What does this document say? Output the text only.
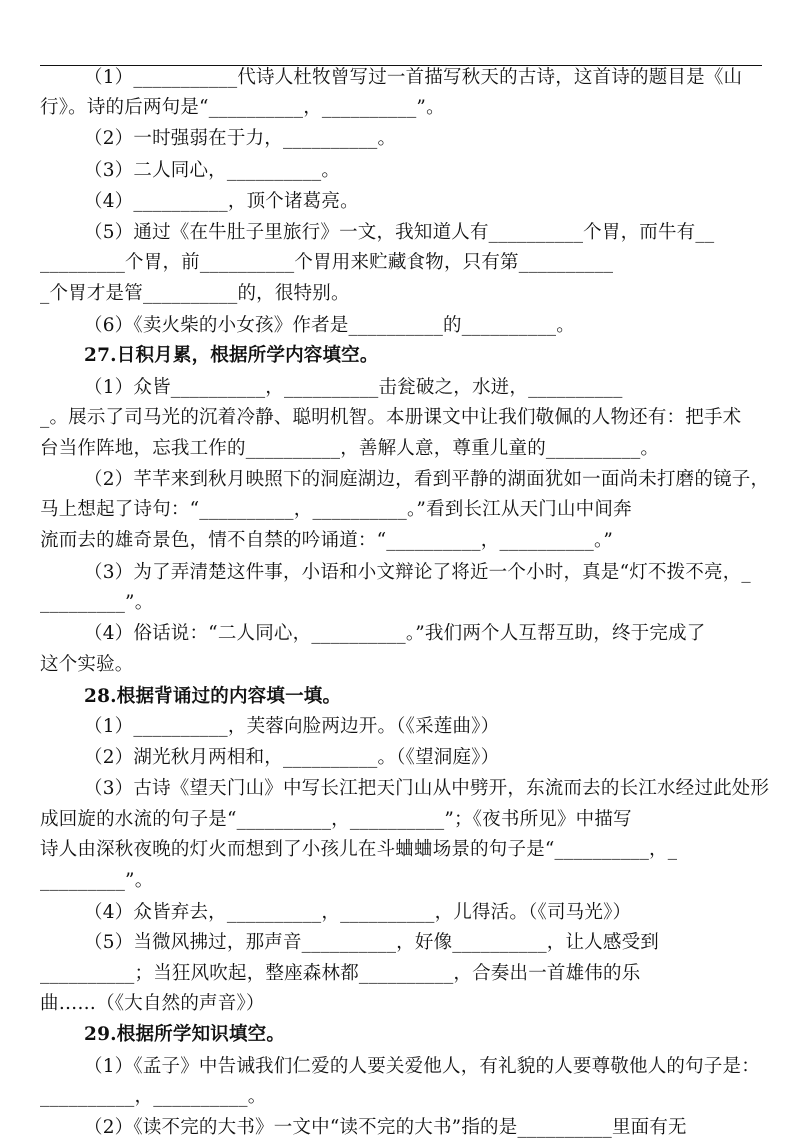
（1）___________代诗人杜牧曾写过一首描写秋天的古诗，这首诗的题目是《山
行》。诗的后两句是“__________，__________”。
（2）一时强弱在于力，__________。
（3）二人同心，__________。
（4）__________，顶个诸葛亮。
（5）通过《在牛肚子里旅行》一文，我知道人有__________个胃，而牛有__
_________个胃，前__________个胃用来贮藏食物，只有第__________
_个胃才是管__________的，很特别。
（6）《卖火柴的小女孩》作者是__________的__________。
27.日积月累，根据所学内容填空。
（1）众皆__________，__________击瓮破之，水迸，__________
_。展示了司马光的沉着冷静、聪明机智。本册课文中让我们敬佩的人物还有：把手术
台当作阵地，忘我工作的__________，善解人意，尊重儿童的__________。
（2）芊芊来到秋月映照下的洞庭湖边，看到平静的湖面犹如一面尚未打磨的镜子，
马上想起了诗句：“__________，__________。”看到长江从天门山中间奔
流而去的雄奇景色，情不自禁的吟诵道：“__________，__________。”
（3）为了弄清楚这件事，小语和小文辩论了将近一个小时，真是“灯不拨不亮，_
_________”。
（4）俗话说：“二人同心，__________。”我们两个人互帮互助，终于完成了
这个实验。
28.根据背诵过的内容填一填。
（1）__________，芙蓉向脸两边开。（《采莲曲》）
（2）湖光秋月两相和，__________。（《望洞庭》）
（3）古诗《望天门山》中写长江把天门山从中劈开，东流而去的长江水经过此处形
成回旋的水流的句子是“__________，__________”；《夜书所见》中描写
诗人由深秋夜晚的灯火而想到了小孩儿在斗蛐蛐场景的句子是“__________，_
_________”。
（4）众皆弃去，__________，__________，儿得活。（《司马光》）
（5）当微风拂过，那声音__________，好像__________，让人感受到
__________；当狂风吹起，整座森林都__________，合奏出一首雄伟的乐
曲……（《大自然的声音》）
29.根据所学知识填空。
（1）《孟子》中告诫我们仁爱的人要关爱他人，有礼貌的人要尊敬他人的句子是：
__________，__________。
（2）《读不完的大书》一文中“读不完的大书”指的是__________里面有无
